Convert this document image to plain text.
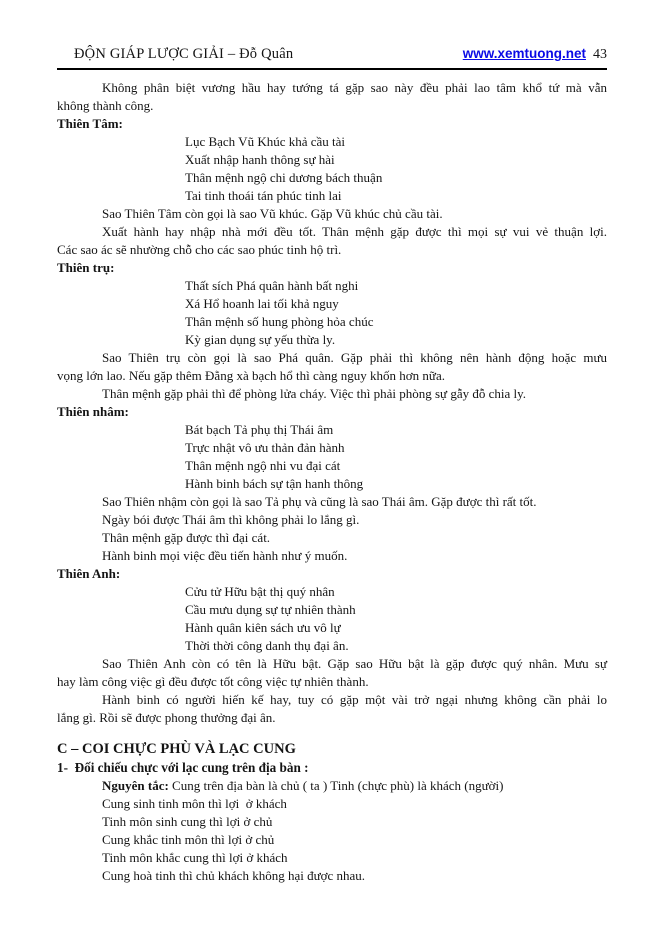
ĐỘN GIÁP LƯỢC GIẢI – Đỗ Quân	www.xemtuong.net 43
Không phân biệt vương hầu hay tướng tá gặp sao này đều phải lao tâm khổ tứ mà vẫn
không thành công.
Thiên Tâm:
Lục Bạch Vũ Khúc khả cầu tài
Xuất nhập hanh thông sự hài
Thân mệnh ngộ chi dương bách thuận
Tai tinh thoái tán phúc tinh lai
Sao Thiên Tâm còn gọi là sao Vũ khúc. Gặp Vũ khúc chủ cầu tài.
Xuất hành hay nhập nhà mới đều tốt. Thân mệnh gặp được thì mọi sự vui vẻ thuận lợi.
Các sao ác sẽ nhường chỗ cho các sao phúc tinh hộ trì.
Thiên trụ:
Thất sích Phá quân hành bất nghi
Xá Hổ hoanh lai tối khả nguy
Thân mệnh số hung phòng hỏa chúc
Kỳ gian dụng sự yếu thừa ly.
Sao Thiên trụ còn gọi là sao Phá quân. Gặp phải thì không nên hành động hoặc mưu
vọng lớn lao. Nếu gặp thêm Đằng xà bạch hổ thì càng nguy khốn hơn nữa.
Thân mệnh gặp phải thì để phòng lửa cháy. Việc thì phải phòng sự gẫy đỗ chia ly.
Thiên nhâm:
Bát bạch Tả phụ thị Thái âm
Trực nhật vô ưu thản đản hành
Thân mệnh ngộ nhi vu đại cát
Hành binh bách sự tận hanh thông
Sao Thiên nhậm còn gọi là sao Tả phụ và cũng là sao Thái âm. Gặp được thì rất tốt.
Ngày bói được Thái âm thì không phải lo lắng gì.
Thân mệnh gặp được thì đại cát.
Hành binh mọi việc đều tiến hành như ý muốn.
Thiên Anh:
Cửu tử Hữu bật thị quý nhân
Cầu mưu dụng sự tự nhiên thành
Hành quân kiên sách ưu vô lự
Thời thời công danh thụ đại ân.
Sao Thiên Anh còn có tên là Hữu bật. Gặp sao Hữu bật là gặp được quý nhân. Mưu sự
hay làm công việc gì đều được tốt công việc tự nhiên thành.
Hành binh có người hiến kế hay, tuy có gặp một vài trở ngại nhưng không cần phải lo
lắng gì. Rồi sẽ được phong thưởng đại ân.
C – COI CHỰC PHÙ VÀ LẠC CUNG
1-  Đối chiếu chực với lạc cung trên địa bàn :
Nguyên tắc: Cung trên địa bàn là chủ ( ta ) Tinh (chực phù) là khách (người)
Cung sinh tinh môn thì lợi  ở khách
Tinh môn sinh cung thì lợi ở chủ
Cung khắc tinh môn thì lợi ở chủ
Tinh môn khắc cung thì lợi ở khách
Cung hoà tinh thì chủ khách không hại được nhau.
